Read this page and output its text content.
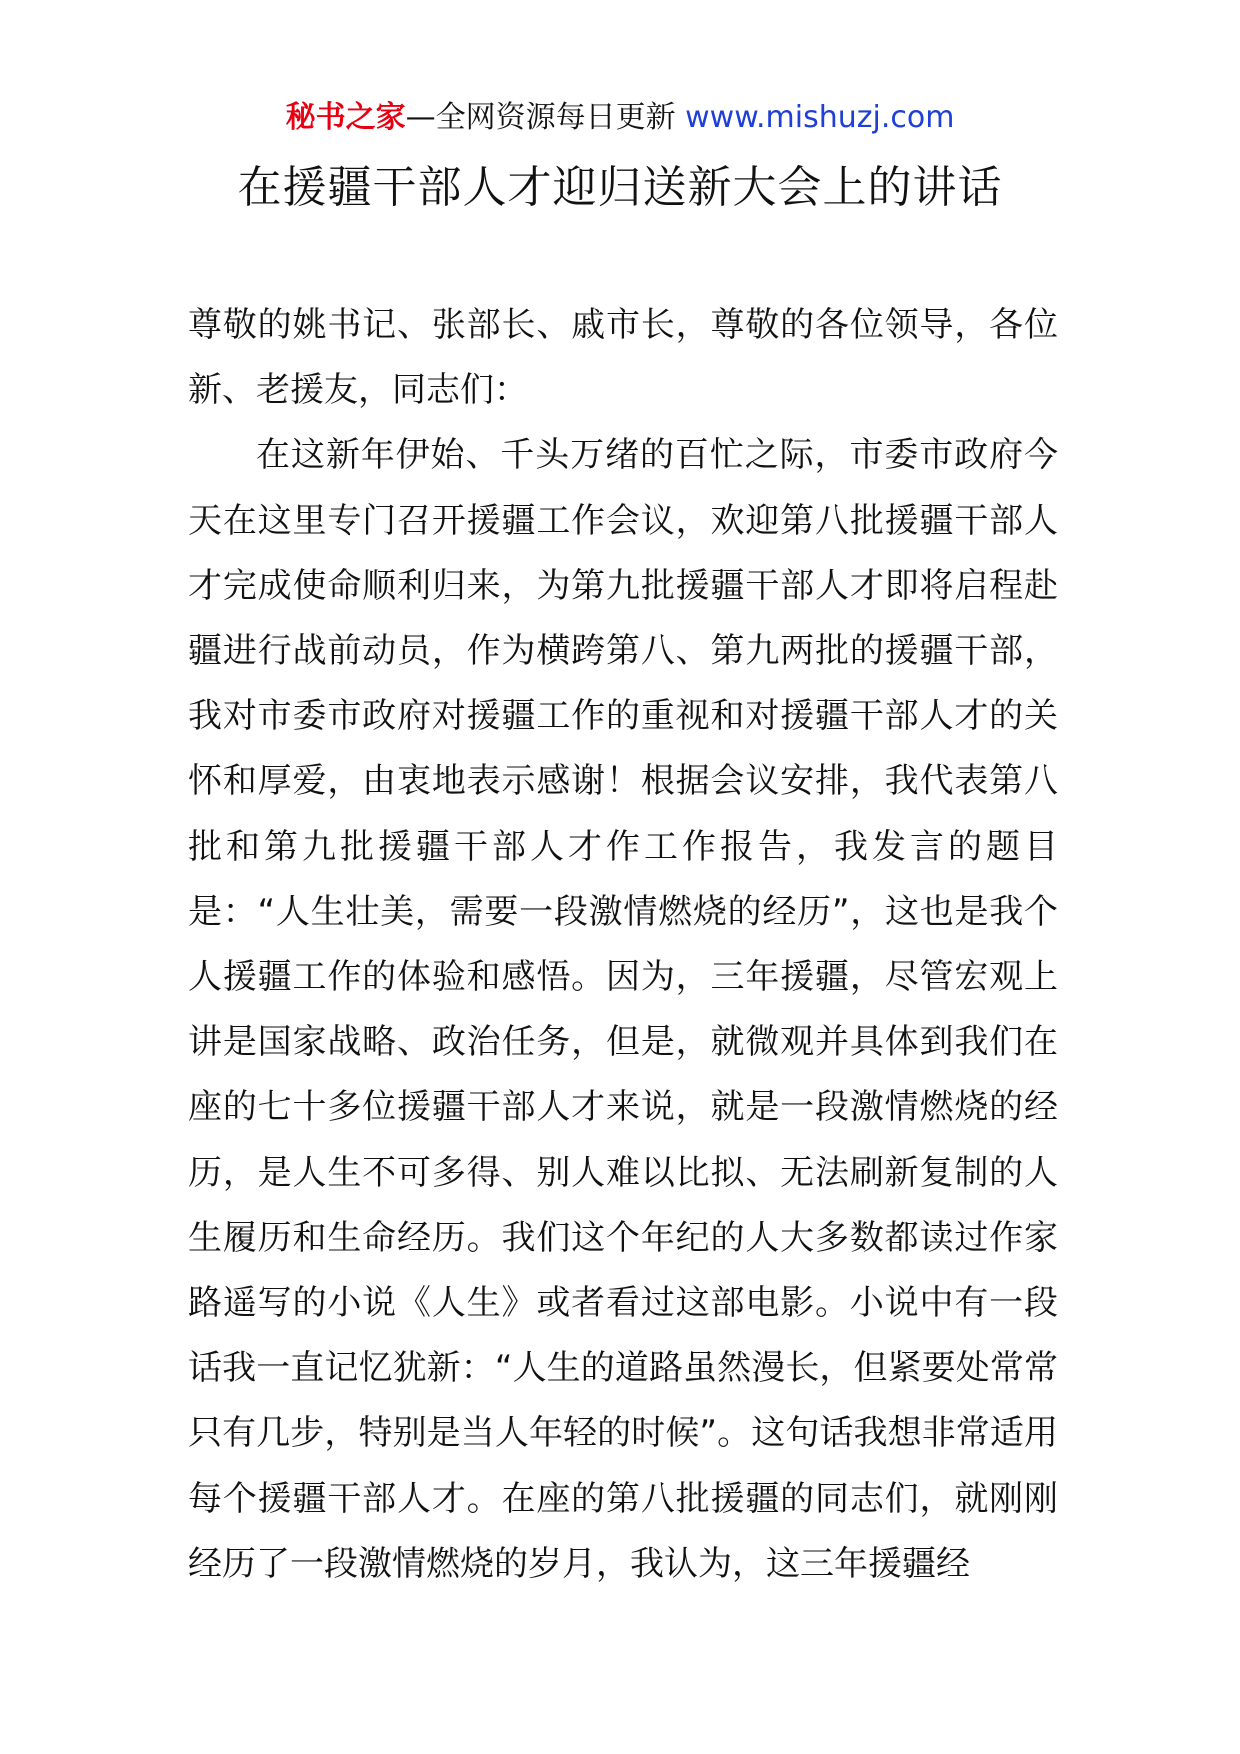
秘书之家—全网资源每日更新 www.mishuzj.com
在援疆干部人才迎归送新大会上的讲话

尊敬的姚书记、张部长、戚市长，尊敬的各位领导，各位新、老援友，同志们：

在这新年伊始、千头万绪的百忙之际，市委市政府今天在这里专门召开援疆工作会议，欢迎第八批援疆干部人才完成使命顺利归来，为第九批援疆干部人才即将启程赴疆进行战前动员，作为横跨第八、第九两批的援疆干部，我对市委市政府对援疆工作的重视和对援疆干部人才的关怀和厚爱，由衷地表示感谢！根据会议安排，我代表第八批和第九批援疆干部人才作工作报告，我发言的题目是：“人生壮美，需要一段激情燃烧的经历”，这也是我个人援疆工作的体验和感悟。因为，三年援疆，尽管宏观上讲是国家战略、政治任务，但是，就微观并具体到我们在座的七十多位援疆干部人才来说，就是一段激情燃烧的经历，是人生不可多得、别人难以比拟、无法刷新复制的人生履历和生命经历。我们这个年纪的人大多数都读过作家路遥写的小说《人生》或者看过这部电影。小说中有一段话我一直记忆犹新：“人生的道路虽然漫长，但紧要处常常只有几步，特别是当人年轻的时候”。这句话我想非常适用每个援疆干部人才。在座的第八批援疆的同志们，就刚刚经历了一段激情燃烧的岁月，我认为，这三年援疆经
